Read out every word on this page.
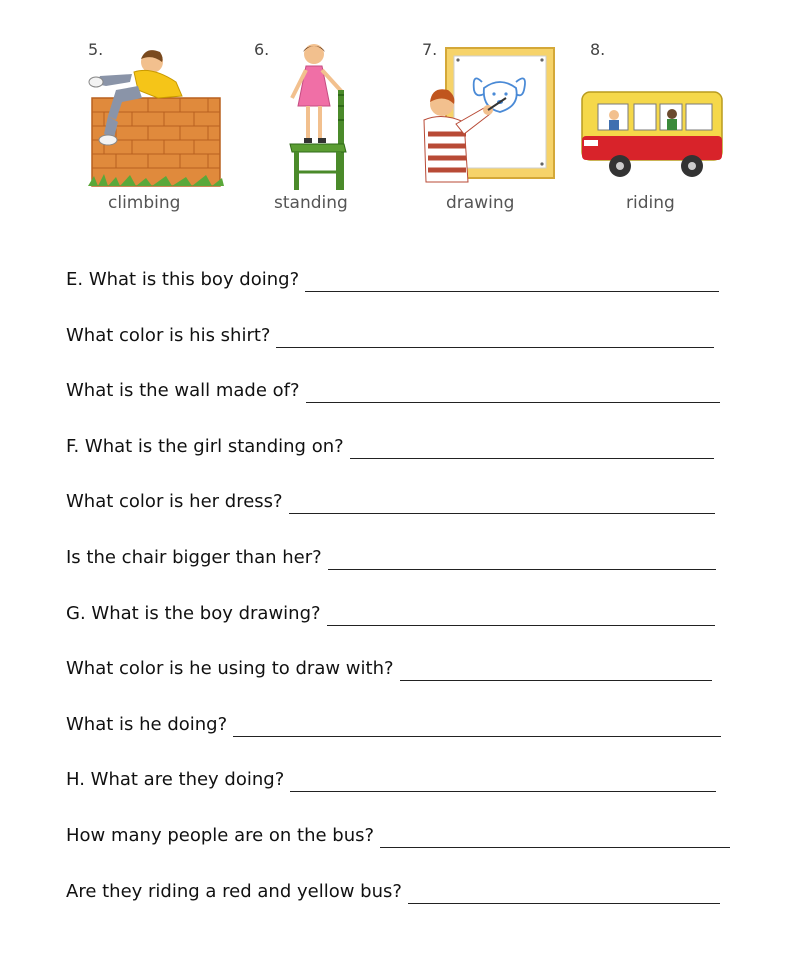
5.
climbing
6.
standing
7.
drawing
8.
riding
E. What is this boy doing?
What color is his shirt?
What is the wall made of?
F. What is the girl standing on?
What color is her dress?
Is the chair bigger than her?
G. What is the boy drawing?
What color is he using to draw with?
What is he doing?
H. What are they doing?
How many people are on the bus?
Are they riding a red and yellow bus?
